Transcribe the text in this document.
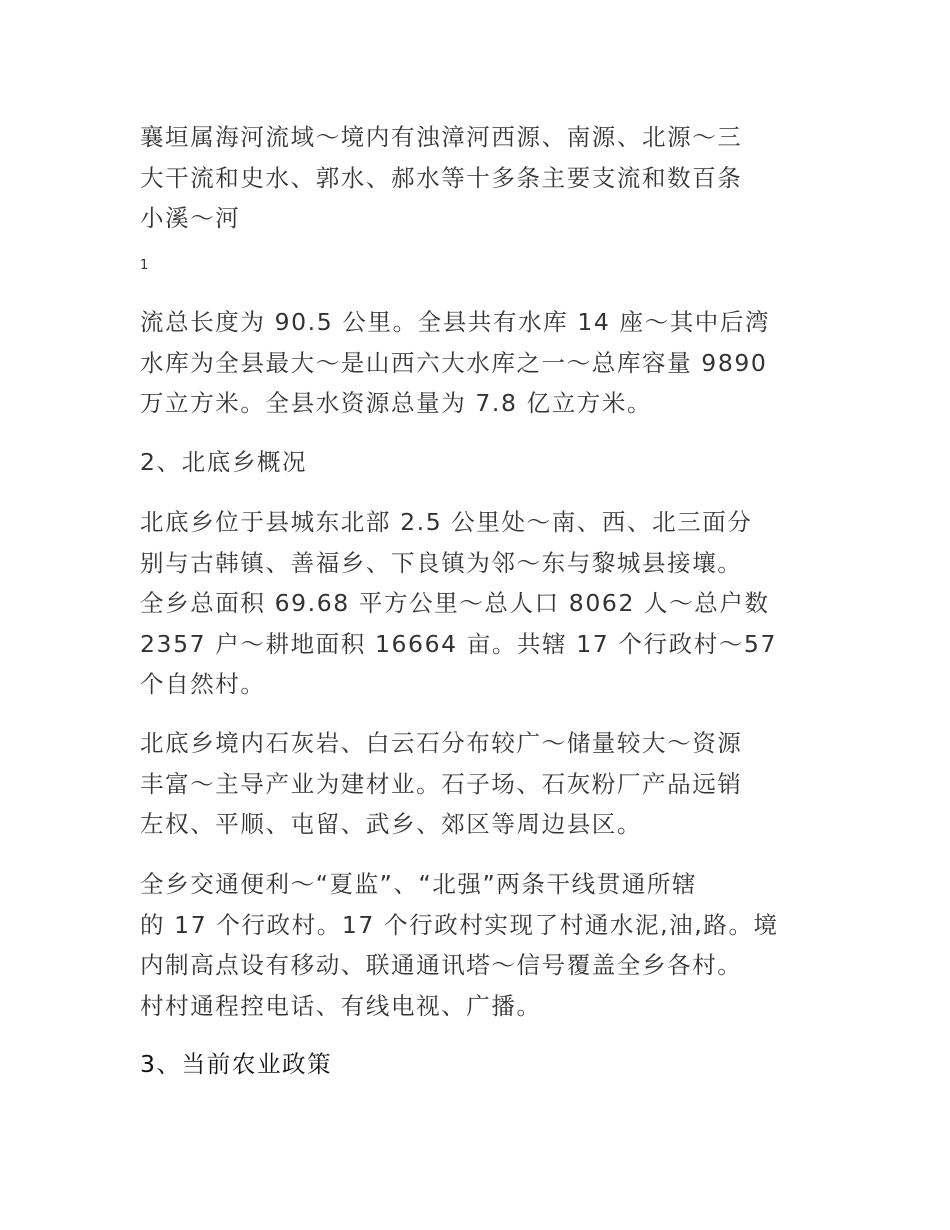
襄垣属海河流域～境内有浊漳河西源、南源、北源～三
大干流和史水、郭水、郝水等十多条主要支流和数百条
小溪～河

1

流总长度为 90.5 公里。全县共有水库 14 座～其中后湾
水库为全县最大～是山西六大水库之一～总库容量 9890
万立方米。全县水资源总量为 7.8 亿立方米。

2、北底乡概况

北底乡位于县城东北部 2.5 公里处～南、西、北三面分
别与古韩镇、善福乡、下良镇为邻～东与黎城县接壤。
全乡总面积 69.68 平方公里～总人口 8062 人～总户数
2357 户～耕地面积 16664 亩。共辖 17 个行政村～57
个自然村。

北底乡境内石灰岩、白云石分布较广～储量较大～资源
丰富～主导产业为建材业。石子场、石灰粉厂产品远销
左权、平顺、屯留、武乡、郊区等周边县区。

全乡交通便利～“夏监”、“北强”两条干线贯通所辖
的 17 个行政村。17 个行政村实现了村通水泥,油,路。境
内制高点设有移动、联通通讯塔～信号覆盖全乡各村。
村村通程控电话、有线电视、广播。

3、当前农业政策
